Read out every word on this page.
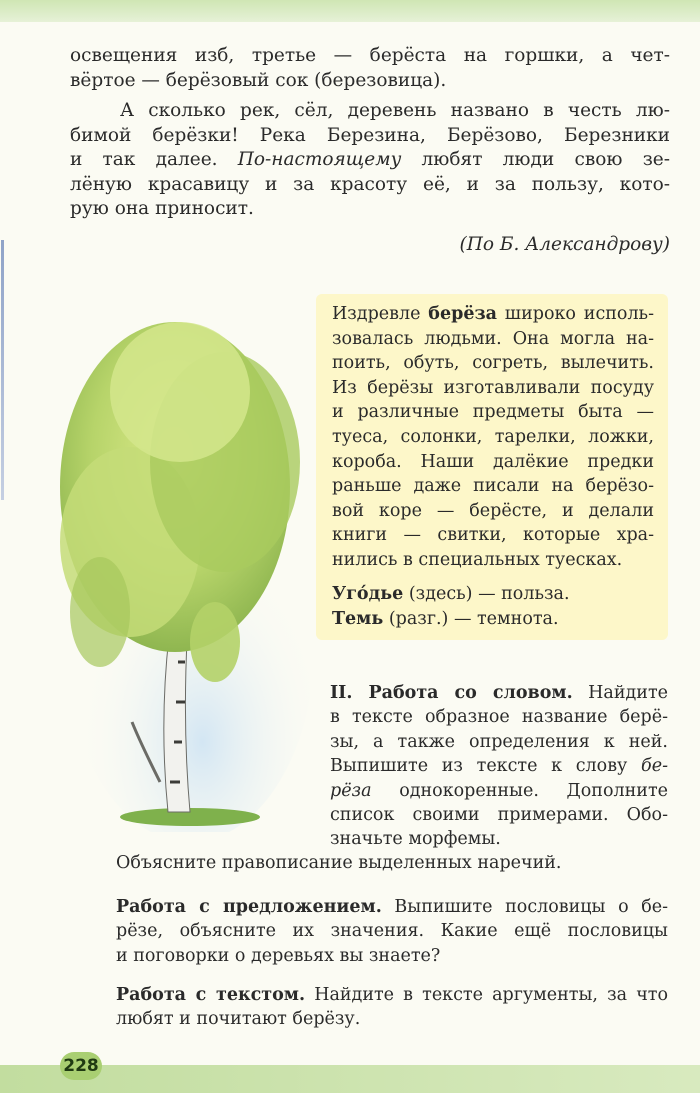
освещения изб, третье — берёста на горшки, а чет-
вёртое — берёзовый сок (березовица).
А сколько рек, сёл, деревень названо в честь лю-
бимой берёзки! Река Березина, Берёзово, Березники
и так далее. По-настоящему любят люди свою зе-
лёную красавицу и за красоту её, и за пользу, кото-
рую она приносит.
(По Б. Александрову)
Издревле берёза широко исполь-
зовалась людьми. Она могла на-
поить, обуть, согреть, вылечить.
Из берёзы изготавливали посуду
и различные предметы быта —
туеса, солонки, тарелки, ложки,
короба. Наши далёкие предки
раньше даже писали на берёзо-
вой коре — берёсте, и делали
книги — свитки, которые хра-
нились в специальных туесках.
Уго́дье (здесь) — польза.
Темь (разг.) — темнота.
II. Работа со словом. Найдите
в тексте образное название берё-
зы, а также определения к ней.
Выпишите из тексте к слову бе-
рёза однокоренные. Дополните
список своими примерами. Обо-
значьте морфемы.
Объясните правописание выделенных наречий.
Работа с предложением. Выпишите пословицы о бе-
рёзе, объясните их значения. Какие ещё пословицы
и поговорки о деревьях вы знаете?
Работа с текстом. Найдите в тексте аргументы, за что
любят и почитают берёзу.
228
